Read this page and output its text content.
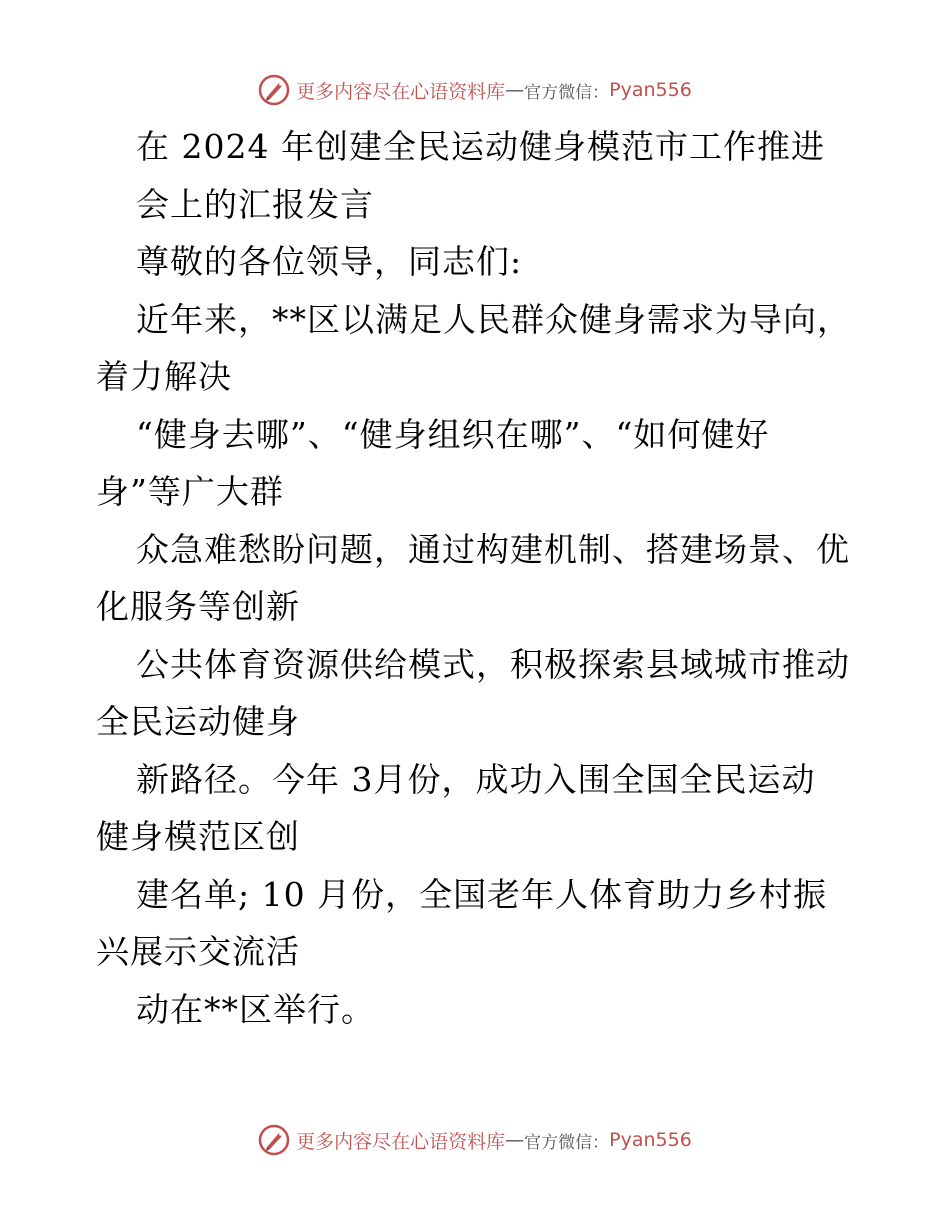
更多内容尽在心语资料库 — 官方微信： Pyan556
在 2024 年创建全民运动健身模范市工作推进
会上的汇报发言
尊敬的各位领导，同志们:
近年来，**区以满足人民群众健身需求为导向，
着力解决
“健身去哪”、“健身组织在哪”、“如何健好
身”等广大群
众急难愁盼问题，通过构建机制、搭建场景、优
化服务等创新
公共体育资源供给模式，积极探索县域城市推动
全民运动健身
新路径。今年 3月份，成功入围全国全民运动
健身模范区创
建名单; 10 月份，全国老年人体育助力乡村振
兴展示交流活
动在**区举行。
更多内容尽在心语资料库 — 官方微信： Pyan556
